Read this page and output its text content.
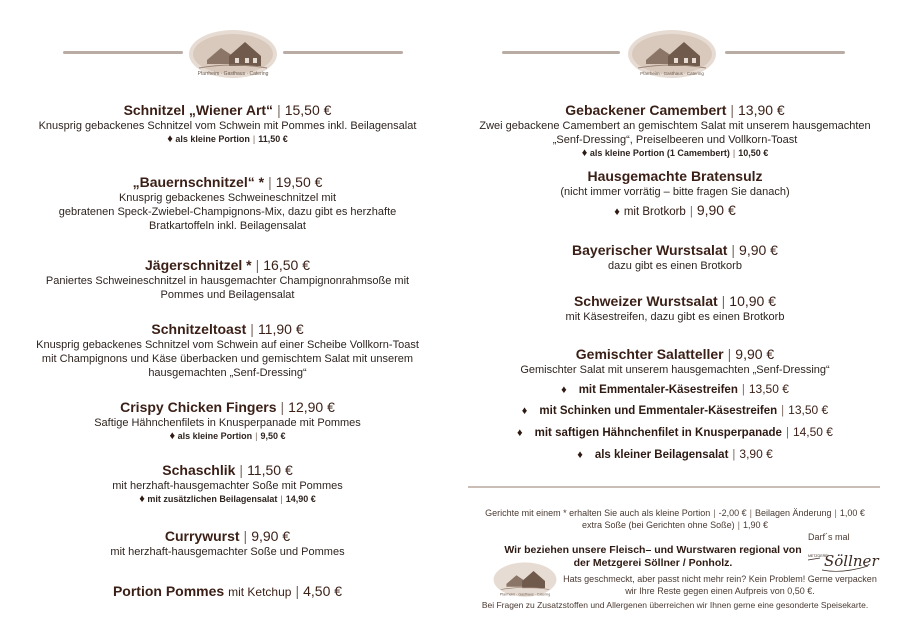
Pfarrheim · Gasthaus · Catering
Schnitzel „Wiener Art“ | 15,50 €
Knusprig gebackenes Schnitzel vom Schwein mit Pommes inkl. Beilagensalat
♦ als kleine Portion | 11,50 €
„Bauernschnitzel“ * | 19,50 €
Knusprig gebackenes Schweineschnitzel mit
gebratenen Speck-Zwiebel-Champignons-Mix, dazu gibt es herzhafte
Bratkartoffeln inkl. Beilagensalat
Jägerschnitzel * | 16,50 €
Paniertes Schweineschnitzel in hausgemachter Champignonrahmsoße mit
Pommes und Beilagensalat
Schnitzeltoast | 11,90 €
Knusprig gebackenes Schnitzel vom Schwein auf einer Scheibe Vollkorn-Toast
mit Champignons und Käse überbacken und gemischtem Salat mit unserem
hausgemachten „Senf-Dressing“
Crispy Chicken Fingers | 12,90 €
Saftige Hähnchenfilets in Knusperpanade mit Pommes
♦ als kleine Portion | 9,50 €
Schaschlik | 11,50 €
mit herzhaft-hausgemachter Soße mit Pommes
♦ mit zusätzlichen Beilagensalat | 14,90 €
Currywurst | 9,90 €
mit herzhaft-hausgemachter Soße und Pommes
Portion Pommes mit Ketchup | 4,50 €
Pfarrheim · Gasthaus · Catering
Gebackener Camembert | 13,90 €
Zwei gebackene Camembert an gemischtem Salat mit unserem hausgemachten
„Senf-Dressing“, Preiselbeeren und Vollkorn-Toast
♦ als kleine Portion (1 Camembert) | 10,50 €
Hausgemachte Bratensulz
(nicht immer vorrätig – bitte fragen Sie danach)
♦ mit Brotkorb | 9,90 €
Bayerischer Wurstsalat | 9,90 €
dazu gibt es einen Brotkorb
Schweizer Wurstsalat | 10,90 €
mit Käsestreifen, dazu gibt es einen Brotkorb
Gemischter Salatteller | 9,90 €
Gemischter Salat mit unserem hausgemachten „Senf-Dressing“
♦ mit Emmentaler-Käsestreifen | 13,50 €
♦ mit Schinken und Emmentaler-Käsestreifen | 13,50 €
♦ mit saftigen Hähnchenfilet in Knusperpanade | 14,50 €
♦ als kleiner Beilagensalat | 3,90 €
Gerichte mit einem * erhalten Sie auch als kleine Portion | -2,00 € | Beilagen Änderung | 1,00 €
extra Soße (bei Gerichten ohne Soße) | 1,90 €
Darf´s mal
METZGEREI
Söllner
Wir beziehen unsere Fleisch– und Wurstwaren regional von der Metzgerei Söllner / Ponholz.
Pfarrheim · Gasthaus · Catering
Hats geschmeckt, aber passt nicht mehr rein? Kein Problem! Gerne verpacken wir Ihre Reste gegen einen Aufpreis von 0,50 €.
Bei Fragen zu Zusatzstoffen und Allergenen überreichen wir Ihnen gerne eine gesonderte Speisekarte.
